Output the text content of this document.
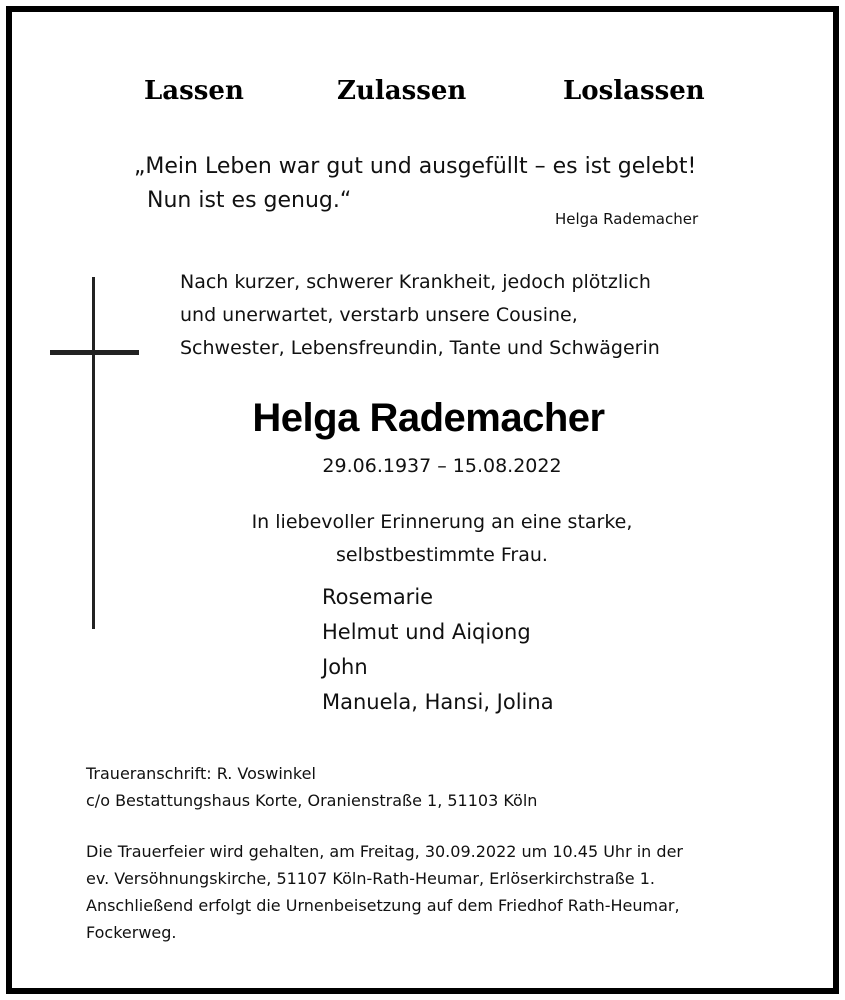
Lassen	Zulassen	Loslassen

„Mein Leben war gut und ausgefüllt – es ist gelebt!

Nun ist es genug.“

Helga Rademacher

Nach kurzer, schwerer Krankheit, jedoch plötzlich
und unerwartet, verstarb unsere Cousine,
Schwester, Lebensfreundin, Tante und Schwägerin
Helga Rademacher

29.06.1937 – 15.08.2022

In liebevoller Erinnerung an eine starke,
selbstbestimmte Frau.
Rosemarie
Helmut und Aiqiong
John
Manuela, Hansi, Jolina
Traueranschrift: R. Voswinkel
c/o Bestattungshaus Korte, Oranienstraße 1, 51103 Köln
Die Trauerfeier wird gehalten, am Freitag, 30.09.2022 um 10.45 Uhr in der
ev. Versöhnungskirche, 51107 Köln-Rath-Heumar, Erlöserkirchstraße 1.
Anschließend erfolgt die Urnenbeisetzung auf dem Friedhof Rath-Heumar,
Fockerweg.
